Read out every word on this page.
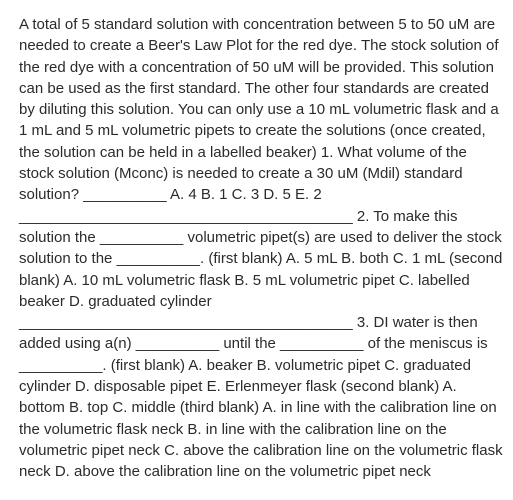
A total of 5 standard solution with concentration between 5 to 50 uM are needed to create a Beer's Law Plot for the red dye. The stock solution of the red dye with a concentration of 50 uM will be provided. This solution can be used as the first standard. The other four standards are created by diluting this solution. You can only use a 10 mL volumetric flask and a 1 mL and 5 mL volumetric pipets to create the solutions (once created, the solution can be held in a labelled beaker) 1. What volume of the stock solution (Mconc) is needed to create a 30 uM (Mdil) standard solution? __________ A. 4 B. 1 C. 3 D. 5 E. 2 ________________________________________ 2. To make this solution the __________ volumetric pipet(s) are used to deliver the stock solution to the __________. (first blank) A. 5 mL B. both C. 1 mL (second blank) A. 10 mL volumetric flask B. 5 mL volumetric pipet C. labelled beaker D. graduated cylinder ________________________________________ 3. DI water is then added using a(n) __________ until the __________ of the meniscus is __________. (first blank) A. beaker B. volumetric pipet C. graduated cylinder D. disposable pipet E. Erlenmeyer flask (second blank) A. bottom B. top C. middle (third blank) A. in line with the calibration line on the volumetric flask neck B. in line with the calibration line on the volumetric pipet neck C. above the calibration line on the volumetric flask neck D. above the calibration line on the volumetric pipet neck
